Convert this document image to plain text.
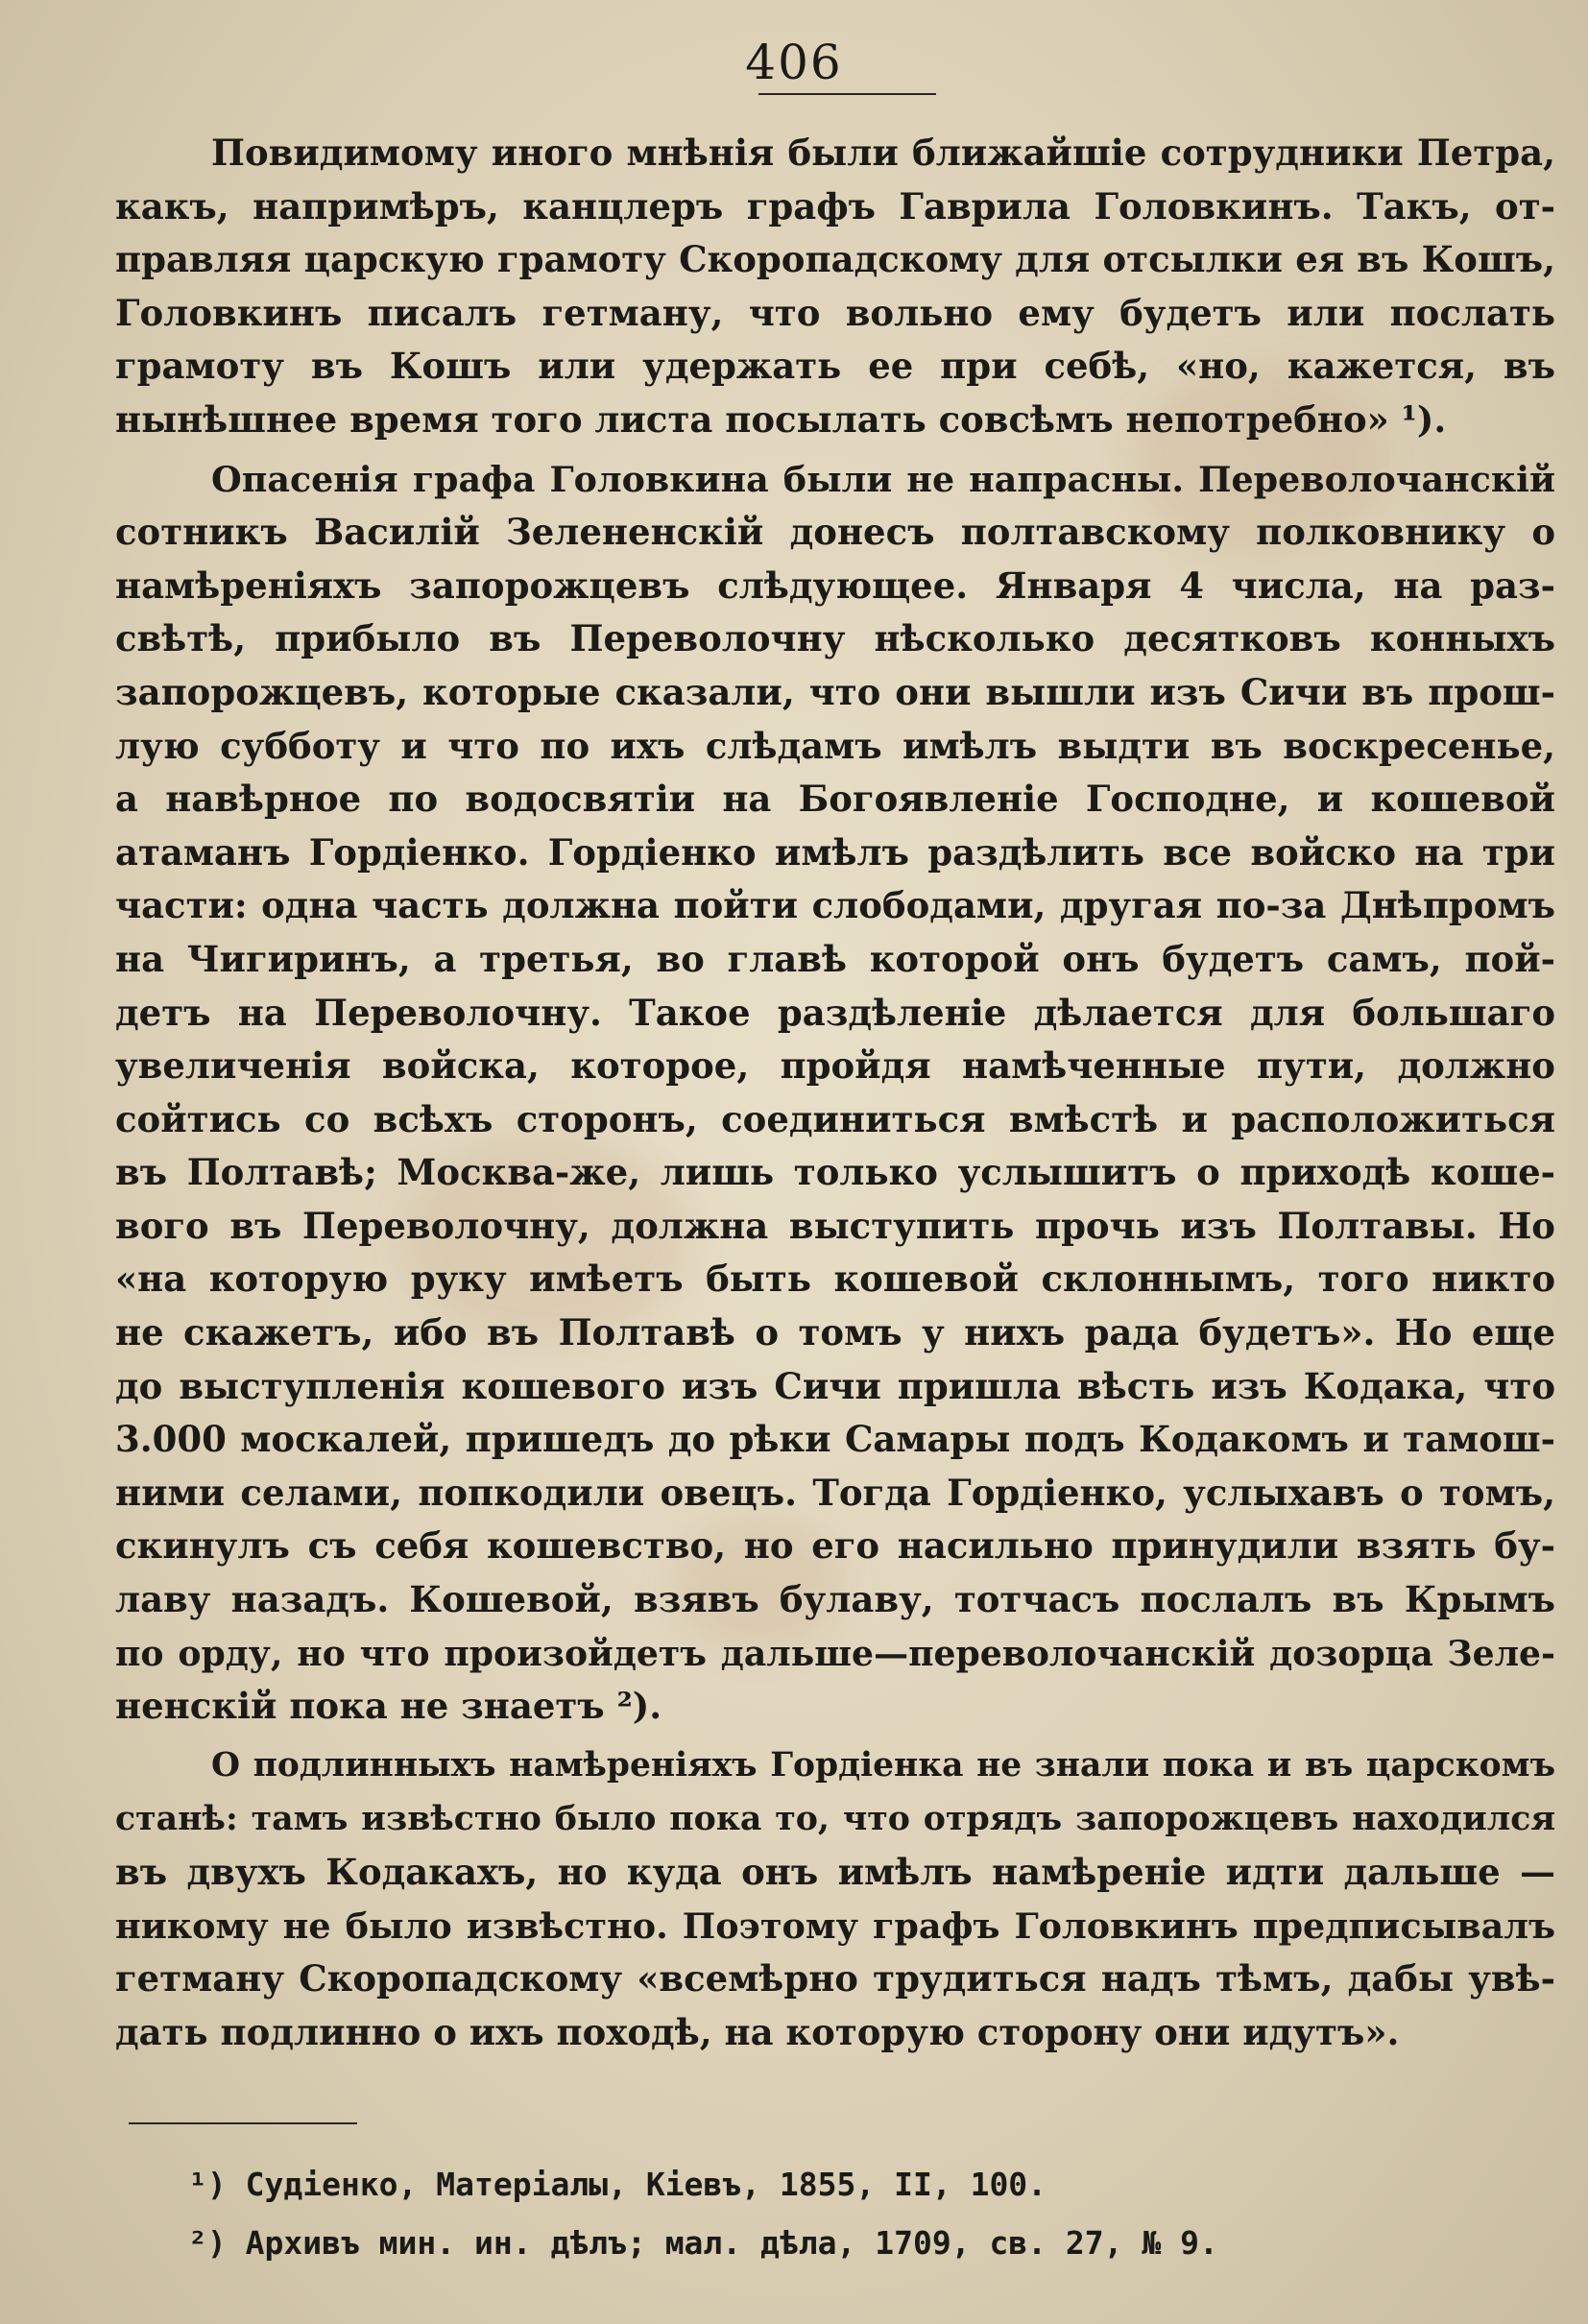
406
Повидимому иного мнѣнія были ближайшіе сотрудники Петра,
какъ, напримѣръ, канцлеръ графъ Гаврила Головкинъ. Такъ, от-
правляя царскую грамоту Скоропадскому для отсылки ея въ Кошъ,
Головкинъ писалъ гетману, что вольно ему будетъ или послать
грамоту въ Кошъ или удержать ее при себѣ, «но, кажется, въ
нынѣшнее время того листа посылать совсѣмъ непотребно» ¹).
Опасенія графа Головкина были не напрасны. Переволочанскій
сотникъ Василій Зелененскій донесъ полтавскому полковнику о
намѣреніяхъ запорожцевъ слѣдующее. Января 4 числа, на раз-
свѣтѣ, прибыло въ Переволочну нѣсколько десятковъ конныхъ
запорожцевъ, которые сказали, что они вышли изъ Сичи въ прош-
лую субботу и что по ихъ слѣдамъ имѣлъ выдти въ воскресенье,
а навѣрное по водосвятіи на Богоявленіе Господне, и кошевой
атаманъ Гордіенко. Гордіенко имѣлъ раздѣлить все войско на три
части: одна часть должна пойти слободами, другая по-за Днѣпромъ
на Чигиринъ, а третья, во главѣ которой онъ будетъ самъ, пой-
детъ на Переволочну. Такое раздѣленіе дѣлается для большаго
увеличенія войска, которое, пройдя намѣченные пути, должно
сойтись со всѣхъ сторонъ, соединиться вмѣстѣ и расположиться
въ Полтавѣ; Москва-же, лишь только услышитъ о приходѣ коше-
вого въ Переволочну, должна выступить прочь изъ Полтавы. Но
«на которую руку имѣетъ быть кошевой склоннымъ, того никто
не скажетъ, ибо въ Полтавѣ о томъ у нихъ рада будетъ». Но еще
до выступленія кошевого изъ Сичи пришла вѣсть изъ Кодака, что
3.000 москалей, пришедъ до рѣки Самары подъ Кодакомъ и тамош-
ними селами, попкодили овецъ. Тогда Гордіенко, услыхавъ о томъ,
скинулъ съ себя кошевство, но его насильно принудили взять бу-
лаву назадъ. Кошевой, взявъ булаву, тотчасъ послалъ въ Крымъ
по орду, но что произойдетъ дальше—переволочанскій дозорца Зеле-
ненскій пока не знаетъ ²).
О подлинныхъ намѣреніяхъ Гордіенка не знали пока и въ царскомъ
станѣ: тамъ извѣстно было пока то, что отрядъ запорожцевъ находился
въ двухъ Кодакахъ, но куда онъ имѣлъ намѣреніе идти дальше —
никому не было извѣстно. Поэтому графъ Головкинъ предписывалъ
гетману Скоропадскому «всемѣрно трудиться надъ тѣмъ, дабы увѣ-
дать подлинно о ихъ походѣ, на которую сторону они идутъ».
¹) Судіенко, Матеріалы, Кіевъ, 1855, II, 100.
²) Архивъ мин. ин. дѣлъ; мал. дѣла, 1709, св. 27, № 9.
